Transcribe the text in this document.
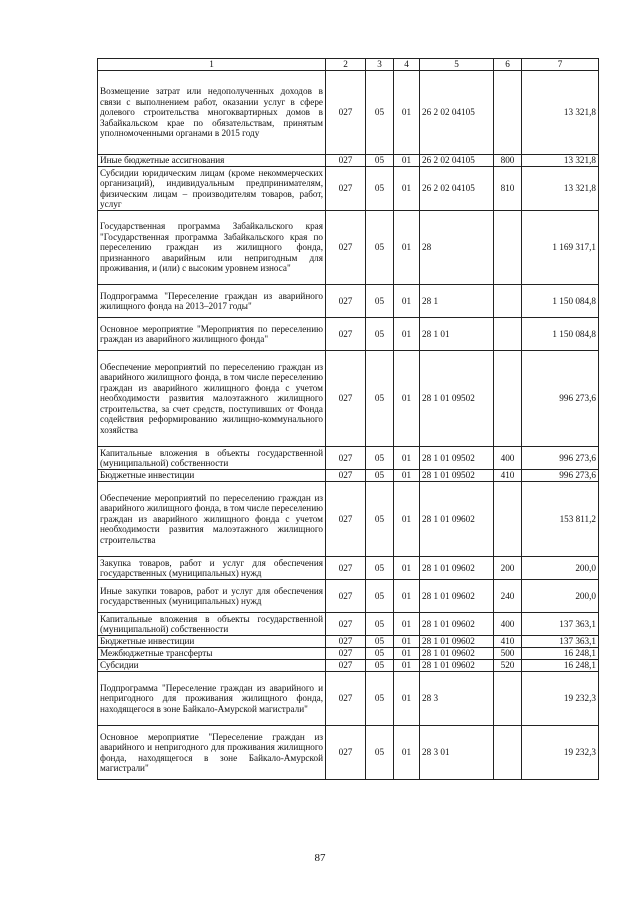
1	2	3	4	5	6	7
Возмещение затрат или недополученных доходов в связи с выполнением работ, оказании услуг в сфере долевого строительства многоквартирных домов в Забайкальском крае по обязательствам, принятым уполномоченными органами в 2015 году	027	05	01	26 2 02 04105		13 321,8
Иные бюджетные ассигнования	027	05	01	26 2 02 04105	800	13 321,8
Субсидии юридическим лицам (кроме некоммерческих организаций), индивидуальным предпринимателям, физическим лицам – производителям товаров, работ, услуг	027	05	01	26 2 02 04105	810	13 321,8
Государственная программа Забайкальского края "Государственная программа Забайкальского края по переселению граждан из жилищного фонда, признанного аварийным или непригодным для проживания, и (или) с высоким уровнем износа"	027	05	01	28		1 169 317,1
Подпрограмма "Переселение граждан из аварийного жилищного фонда на 2013–2017 годы"	027	05	01	28 1		1 150 084,8
Основное мероприятие "Мероприятия по переселению граждан из аварийного жилищного фонда"	027	05	01	28 1 01		1 150 084,8
Обеспечение мероприятий по переселению граждан из аварийного жилищного фонда, в том числе переселению граждан из аварийного жилищного фонда с учетом необходимости развития малоэтажного жилищного строительства, за счет средств, поступивших от Фонда содействия реформированию жилищно-коммунального хозяйства	027	05	01	28 1 01 09502		996 273,6
Капитальные вложения в объекты государственной (муниципальной) собственности	027	05	01	28 1 01 09502	400	996 273,6
Бюджетные инвестиции	027	05	01	28 1 01 09502	410	996 273,6
Обеспечение мероприятий по переселению граждан из аварийного жилищного фонда, в том числе переселению граждан из аварийного жилищного фонда с учетом необходимости развития малоэтажного жилищного строительства	027	05	01	28 1 01 09602		153 811,2
Закупка товаров, работ и услуг для обеспечения государственных (муниципальных) нужд	027	05	01	28 1 01 09602	200	200,0
Иные закупки товаров, работ и услуг для обеспечения государственных (муниципальных) нужд	027	05	01	28 1 01 09602	240	200,0
Капитальные вложения в объекты государственной (муниципальной) собственности	027	05	01	28 1 01 09602	400	137 363,1
Бюджетные инвестиции	027	05	01	28 1 01 09602	410	137 363,1
Межбюджетные трансферты	027	05	01	28 1 01 09602	500	16 248,1
Субсидии	027	05	01	28 1 01 09602	520	16 248,1
Подпрограмма "Переселение граждан из аварийного и непригодного для проживания жилищного фонда, находящегося в зоне Байкало-Амурской магистрали"	027	05	01	28 3		19 232,3
Основное мероприятие "Переселение граждан из аварийного и непригодного для проживания жилищного фонда, находящегося в зоне Байкало-Амурской магистрали"	027	05	01	28 3 01		19 232,3
87
